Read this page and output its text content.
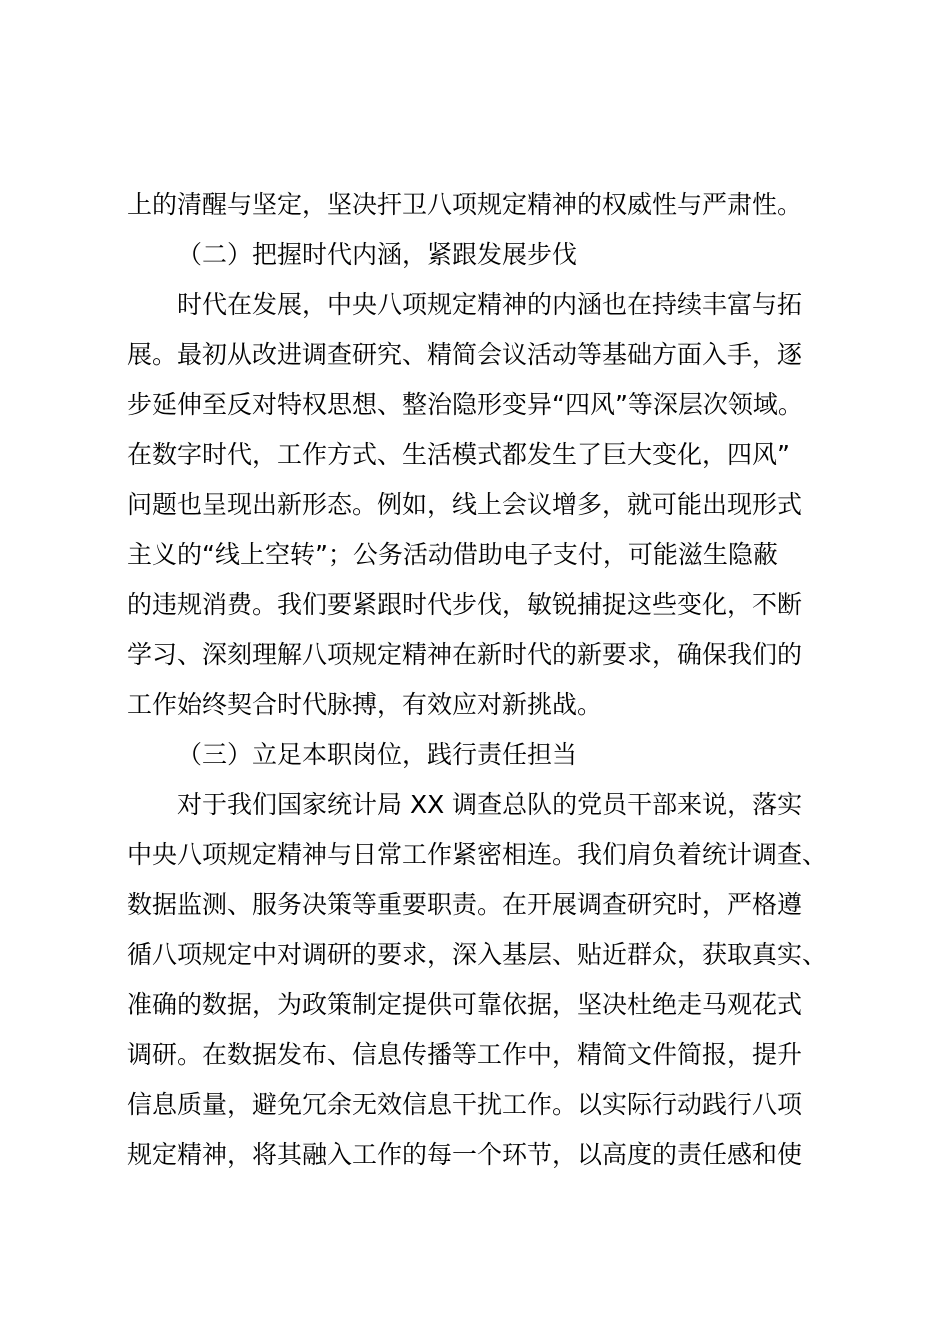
上的清醒与坚定，坚决扞卫八项规定精神的权威性与严肃性。
（二）把握时代内涵，紧跟发展步伐
时代在发展，中央八项规定精神的内涵也在持续丰富与拓
展。最初从改进调查研究、精简会议活动等基础方面入手，逐
步延伸至反对特权思想、整治隐形变异“四风”等深层次领域。
在数字时代，工作方式、生活模式都发生了巨大变化，四风”
问题也呈现出新形态。例如，线上会议增多，就可能出现形式
主义的“线上空转”；公务活动借助电子支付，可能滋生隐蔽
的违规消费。我们要紧跟时代步伐，敏锐捕捉这些变化，不断
学习、深刻理解八项规定精神在新时代的新要求，确保我们的
工作始终契合时代脉搏，有效应对新挑战。
（三）立足本职岗位，践行责任担当
对于我们国家统计局 XX 调查总队的党员干部来说，落实
中央八项规定精神与日常工作紧密相连。我们肩负着统计调查、
数据监测、服务决策等重要职责。在开展调查研究时，严格遵
循八项规定中对调研的要求，深入基层、贴近群众，获取真实、
准确的数据，为政策制定提供可靠依据，坚决杜绝走马观花式
调研。在数据发布、信息传播等工作中，精简文件简报，提升
信息质量，避免冗余无效信息干扰工作。以实际行动践行八项
规定精神，将其融入工作的每一个环节，以高度的责任感和使
